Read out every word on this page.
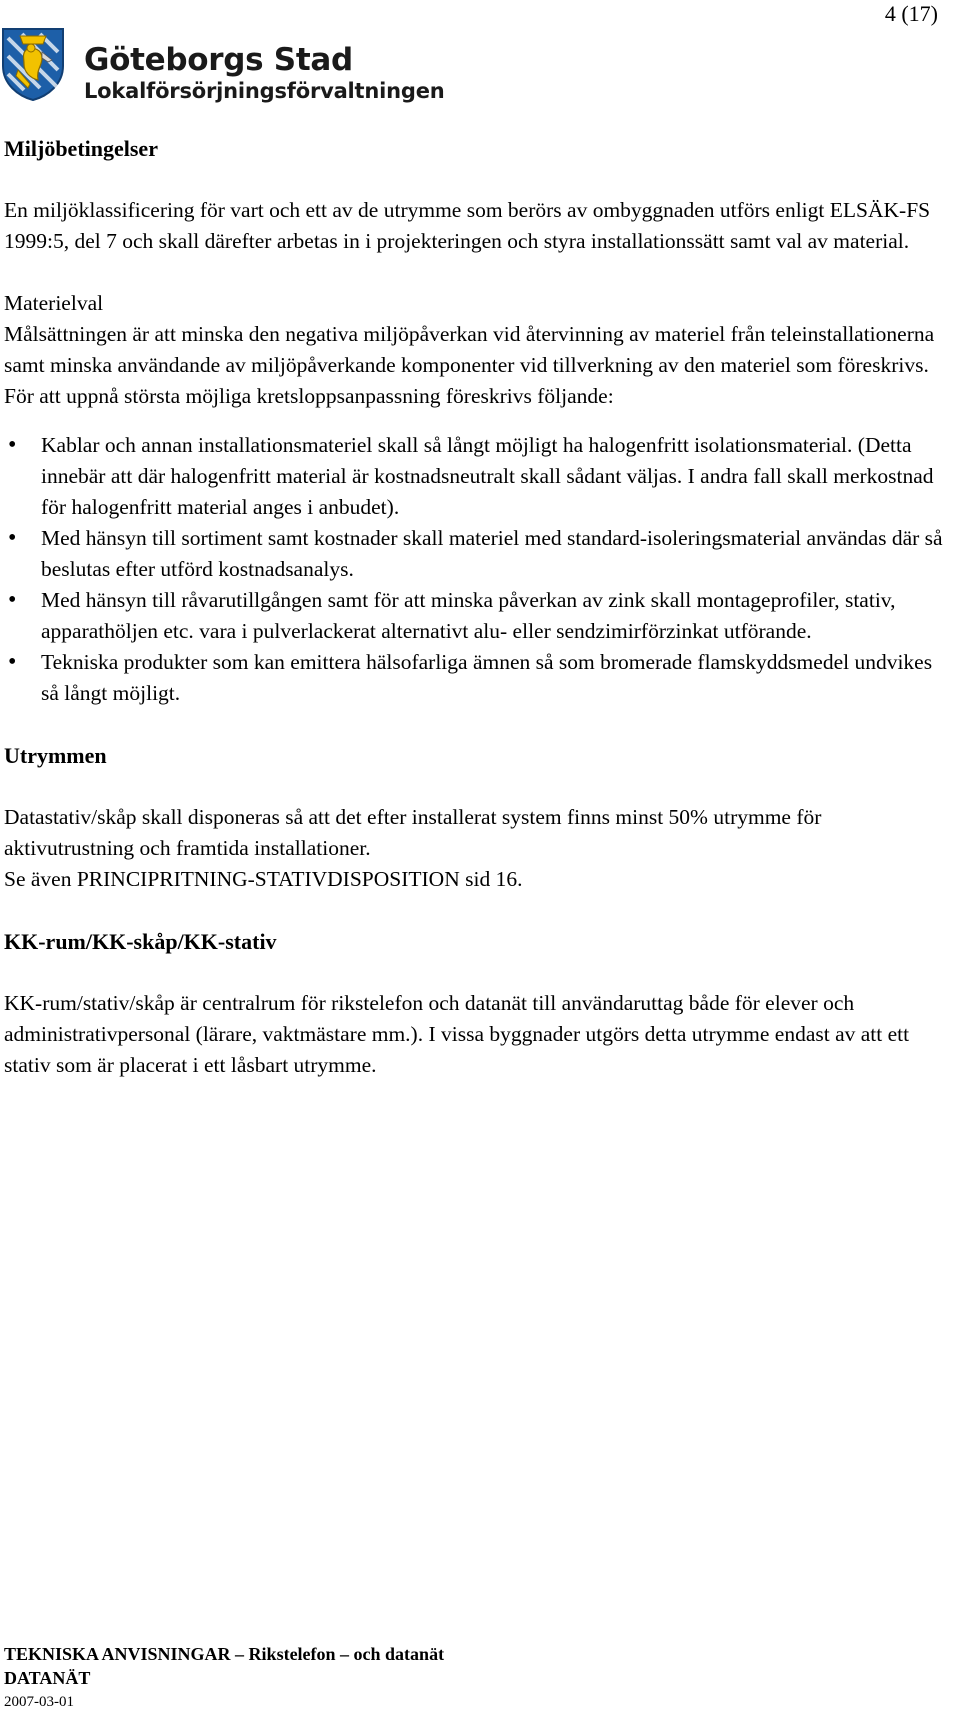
4 (17)
Göteborgs Stad
Lokalförsörjningsförvaltningen
Miljöbetingelser

En miljöklassificering för vart och ett av de utrymme som berörs av ombyggnaden utförs enligt ELSÄK-FS 1999:5, del 7 och skall därefter arbetas in i projekteringen och styra installationssätt samt val av material.

Materielval

Målsättningen är att minska den negativa miljöpåverkan vid återvinning av materiel från teleinstallationerna samt minska användande av miljöpåverkande komponenter vid tillverkning av den materiel som föreskrivs.

För att uppnå största möjliga kretsloppsanpassning föreskrivs följande:

• Kablar och annan installationsmateriel skall så långt möjligt ha halogenfritt isolationsmaterial. (Detta innebär att där halogenfritt material är kostnadsneutralt skall sådant väljas. I andra fall skall merkostnad för halogenfritt material anges i anbudet).
• Med hänsyn till sortiment samt kostnader skall materiel med standard-isoleringsmaterial användas där så beslutas efter utförd kostnadsanalys.
• Med hänsyn till råvarutillgången samt för att minska påverkan av zink skall montageprofiler, stativ, apparathöljen etc. vara i pulverlackerat alternativt alu- eller sendzimirförzinkat utförande.
• Tekniska produkter som kan emittera hälsofarliga ämnen så som bromerade flamskyddsmedel undvikes så långt möjligt.
Utrymmen

Datastativ/skåp skall disponeras så att det efter installerat system finns minst 50% utrymme för aktivutrustning och framtida installationer.

Se även PRINCIPRITNING-STATIVDISPOSITION sid 16.

KK-rum/KK-skåp/KK-stativ

KK-rum/stativ/skåp är centralrum för rikstelefon och datanät till användaruttag både för elever och administrativpersonal (lärare, vaktmästare mm.). I vissa byggnader utgörs detta utrymme endast av att ett stativ som är placerat i ett låsbart utrymme.

TEKNISKA ANVISNINGAR – Rikstelefon – och datanät
DATANÄT
2007-03-01
